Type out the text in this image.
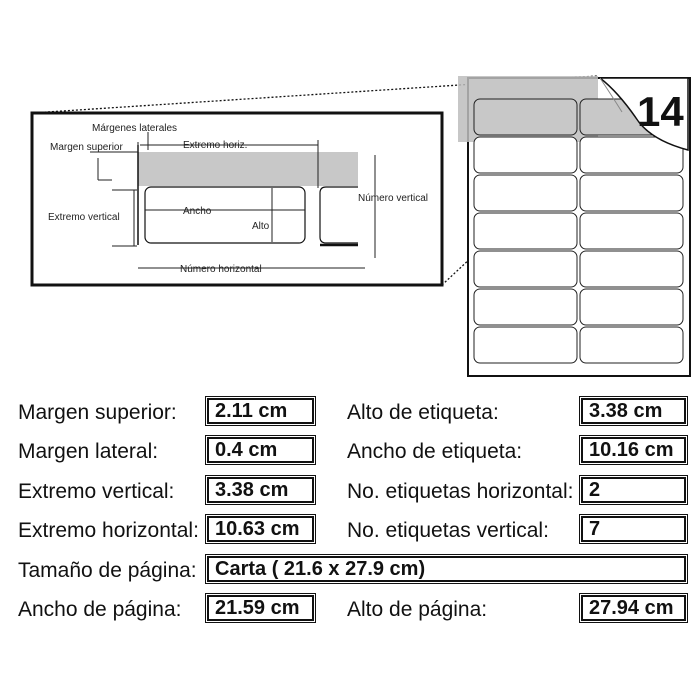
Márgenes laterales
Margen superior	Extremo horiz.
Extremo vertical
Ancho
Alto
Número vertical
Número horizontal
14
Margen superior:	2.11 cm	Alto de etiqueta:	3.38 cm
Margen lateral:	0.4 cm	Ancho de etiqueta:	10.16 cm
Extremo vertical:	3.38 cm	No. etiquetas horizontal: 2
Extremo horizontal: 10.63 cm	No. etiquetas vertical:	7
Tamaño de página: Carta ( 21.6 x 27.9 cm)
Ancho de página:	21.59 cm	Alto de página:	27.94 cm
